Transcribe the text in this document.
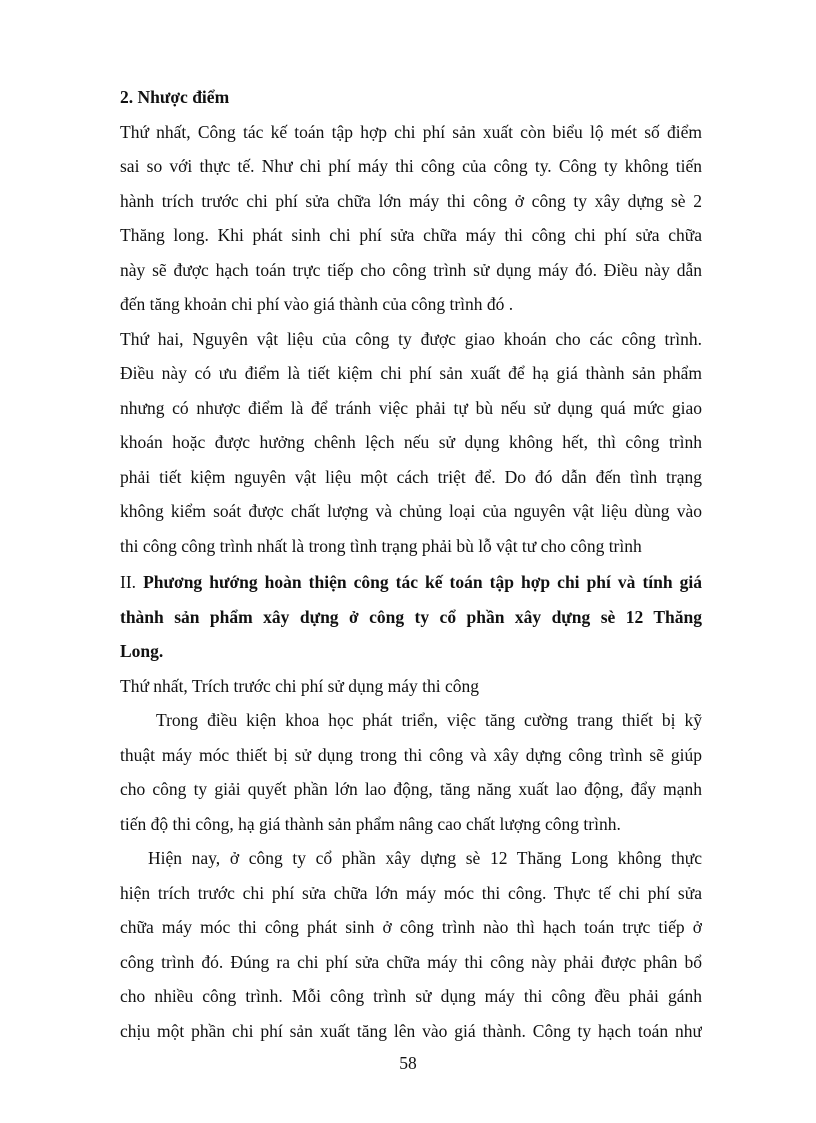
2. Nhược điểm
Thứ nhất, Công tác kế toán tập hợp chi phí sản xuất còn biểu lộ mét số điểm
sai so với thực tế. Như chi phí máy thi công của công ty. Công ty không tiến
hành trích trước chi phí sửa chữa lớn máy thi công ở công ty xây dựng sè 2
Thăng long. Khi phát sinh chi phí sửa chữa máy thi công chi phí sửa chữa
này sẽ được hạch toán trực tiếp cho công trình sử dụng máy đó. Điều này dẫn
đến tăng khoản chi phí vào giá thành của công trình đó .
Thứ hai, Nguyên vật liệu của công ty được giao khoán cho các công trình.
Điều này có ưu điểm là tiết kiệm chi phí sản xuất để hạ giá thành sản phẩm
nhưng có nhược điểm là để tránh việc phải tự bù nếu sử dụng quá mức giao
khoán hoặc được hưởng chênh lệch nếu sử dụng không hết, thì công trình
phải tiết kiệm nguyên vật liệu một cách triệt để. Do đó dẫn đến tình trạng
không kiểm soát được chất lượng và chủng loại của nguyên vật liệu dùng vào
thi công công trình nhất là trong tình trạng phải bù lỗ vật tư cho công trình
II. Phương hướng hoàn thiện công tác kế toán tập hợp chi phí và tính giá
thành sản phẩm xây dựng ở công ty cổ phần xây dựng sè 12 Thăng
Long.
Thứ nhất, Trích trước chi phí sử dụng máy thi công
Trong điều kiện khoa học phát triển, việc tăng cường trang thiết bị kỹ
thuật máy móc thiết bị sử dụng trong thi công và xây dựng công trình sẽ giúp
cho công ty giải quyết phần lớn lao động, tăng năng xuất lao động, đẩy mạnh
tiến độ thi công, hạ giá thành sản phẩm nâng cao chất lượng công trình.
Hiện nay, ở công ty cổ phần xây dựng sè 12 Thăng Long không thực
hiện trích trước chi phí sửa chữa lớn máy móc thi công. Thực tế chi phí sửa
chữa máy móc thi công phát sinh ở công trình nào thì hạch toán trực tiếp ở
công trình đó. Đúng ra chi phí sửa chữa máy thi công này phải được phân bổ
cho nhiều công trình. Mỗi công trình sử dụng máy thi công đều phải gánh
chịu một phần chi phí sản xuất tăng lên vào giá thành. Công ty hạch toán như
58
